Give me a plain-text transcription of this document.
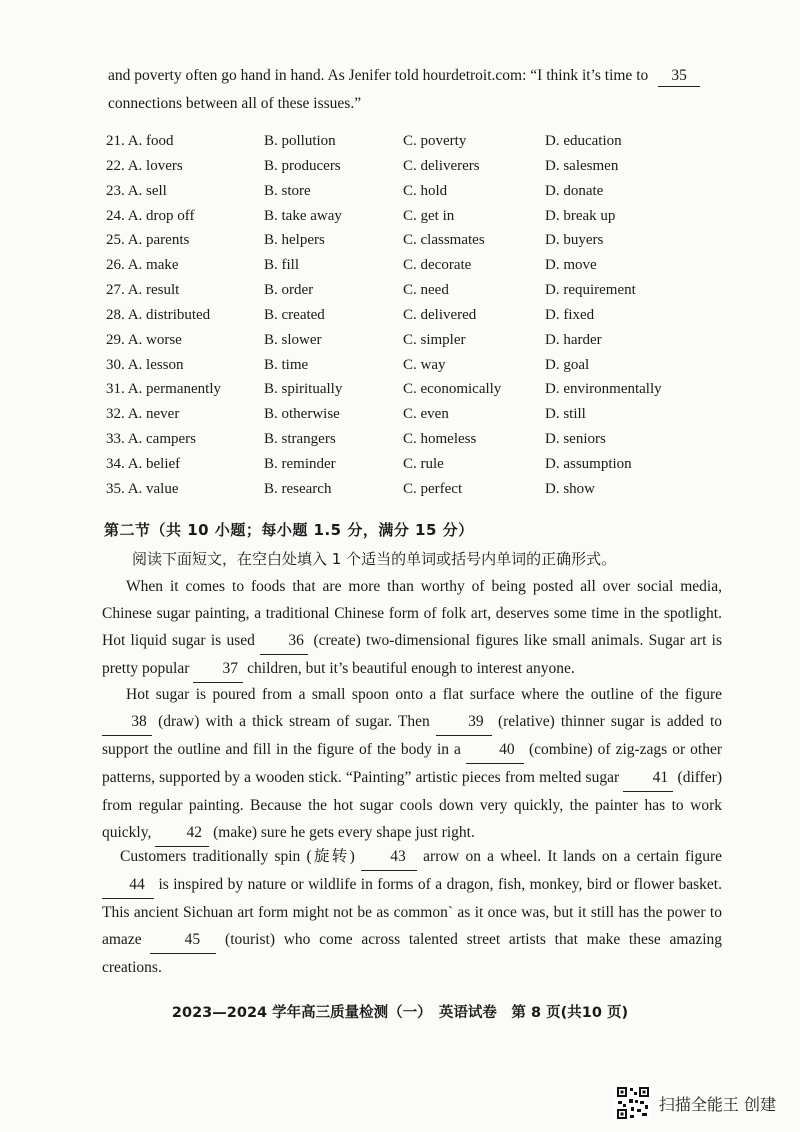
and poverty often go hand in hand. As Jenifer told hourdetroit.com: “I think it’s time to 35
connections between all of these issues.”
21. A. food	B. pollution	C. poverty	D. education
22. A. lovers	B. producers	C. deliverers	D. salesmen
23. A. sell	B. store	C. hold	D. donate
24. A. drop off	B. take away	C. get in	D. break up
25. A. parents	B. helpers	C. classmates	D. buyers
26. A. make	B. fill	C. decorate	D. move
27. A. result	B. order	C. need	D. requirement
28. A. distributed	B. created	C. delivered	D. fixed
29. A. worse	B. slower	C. simpler	D. harder
30. A. lesson	B. time	C. way	D. goal
31. A. permanently	B. spiritually	C. economically	D. environmentally
32. A. never	B. otherwise	C. even	D. still
33. A. campers	B. strangers	C. homeless	D. seniors
34. A. belief	B. reminder	C. rule	D. assumption
35. A. value	B. research	C. perfect	D. show
第二节（共 10 小题；每小题 1.5 分，满分 15 分）
阅读下面短文，在空白处填入 1 个适当的单词或括号内单词的正确形式。
When it comes to foods that are more than worthy of being posted all over social media, Chinese sugar painting, a traditional Chinese form of folk art, deserves some time in the spotlight. Hot liquid sugar is used 36 (create) two-dimensional figures like small animals. Sugar art is pretty popular 37 children, but it’s beautiful enough to interest anyone.
Hot sugar is poured from a small spoon onto a flat surface where the outline of the figure 38 (draw) with a thick stream of sugar. Then 39 (relative) thinner sugar is added to support the outline and fill in the figure of the body in a 40 (combine) of zig-zags or other patterns, supported by a wooden stick. “Painting” artistic pieces from melted sugar 41 (differ) from regular painting. Because the hot sugar cools down very quickly, the painter has to work quickly, 42 (make) sure he gets every shape just right.
Customers traditionally spin (旋转) 43 arrow on a wheel. It lands on a certain figure 44 is inspired by nature or wildlife in forms of a dragon, fish, monkey, bird or flower basket. This ancient Sichuan art form might not be as common` as it once was, but it still has the power to amaze	45 (tourist) who come across talented street artists that make these amazing creations.
2023—2024 学年高三质量检测（一）　英语试卷　第 8 页(共10 页)
扫描全能王 创建
